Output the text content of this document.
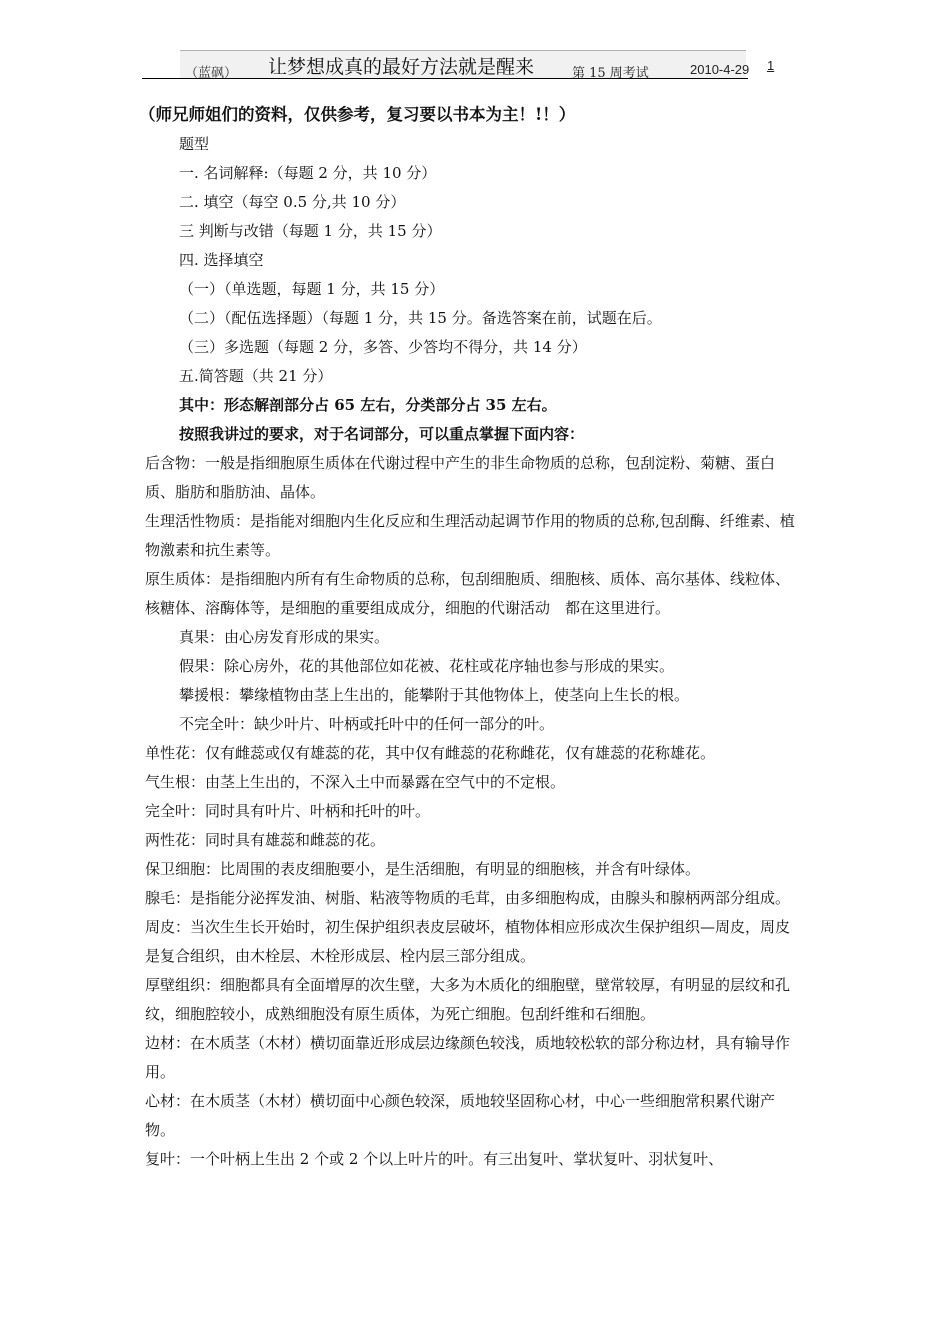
（蓝砜） 让梦想成真的最好方法就是醒来	第 15 周考试	2010-4-29 1
（师兄师姐们的资料，仅供参考，复习要以书本为主！!！）
题型
一. 名词解释:（每题 2 分，共 10 分）
二. 填空（每空 0.5 分,共 10 分）
三 判断与改错（每题 1 分，共 15 分）
四. 选择填空
（一）（单选题，每题 1 分，共 15 分）
（二）（配伍选择题）（每题 1 分，共 15 分。备选答案在前，试题在后。
（三）多选题（每题 2 分，多答、少答均不得分，共 14 分）
五.简答题（共 21 分）
其中：形态解剖部分占 65 左右，分类部分占 35 左右。
按照我讲过的要求，对于名词部分，可以重点掌握下面内容：
后含物：一般是指细胞原生质体在代谢过程中产生的非生命物质的总称，包刮淀粉、菊糖、蛋白质、脂肪和脂肪油、晶体。
生理活性物质：是指能对细胞内生化反应和生理活动起调节作用的物质的总称,包刮酶、纤维素、植物激素和抗生素等。
原生质体：是指细胞内所有有生命物质的总称，包刮细胞质、细胞核、质体、高尔基体、线粒体、核糖体、溶酶体等，是细胞的重要组成成分，细胞的代谢活动　都在这里进行。
真果：由心房发育形成的果实。
假果：除心房外，花的其他部位如花被、花柱或花序轴也参与形成的果实。
攀援根：攀缘植物由茎上生出的，能攀附于其他物体上，使茎向上生长的根。
不完全叶：缺少叶片、叶柄或托叶中的任何一部分的叶。
单性花：仅有雌蕊或仅有雄蕊的花，其中仅有雌蕊的花称雌花，仅有雄蕊的花称雄花。
气生根：由茎上生出的，不深入土中而暴露在空气中的不定根。
完全叶：同时具有叶片、叶柄和托叶的叶。
两性花：同时具有雄蕊和雌蕊的花。
保卫细胞：比周围的表皮细胞要小，是生活细胞，有明显的细胞核，并含有叶绿体。
腺毛：是指能分泌挥发油、树脂、粘液等物质的毛茸，由多细胞构成，由腺头和腺柄两部分组成。
周皮：当次生生长开始时，初生保护组织表皮层破坏，植物体相应形成次生保护组织—周皮，周皮是复合组织，由木栓层、木栓形成层、栓内层三部分组成。
厚壁组织：细胞都具有全面增厚的次生壁，大多为木质化的细胞壁，壁常较厚，有明显的层纹和孔纹，细胞腔较小，成熟细胞没有原生质体，为死亡细胞。包刮纤维和石细胞。
边材：在木质茎（木材）横切面靠近形成层边缘颜色较浅，质地较松软的部分称边材，具有输导作用。
心材：在木质茎（木材）横切面中心颜色较深，质地较坚固称心材，中心一些细胞常积累代谢产物。
复叶：一个叶柄上生出 2 个或 2 个以上叶片的叶。有三出复叶、掌状复叶、羽状复叶、
